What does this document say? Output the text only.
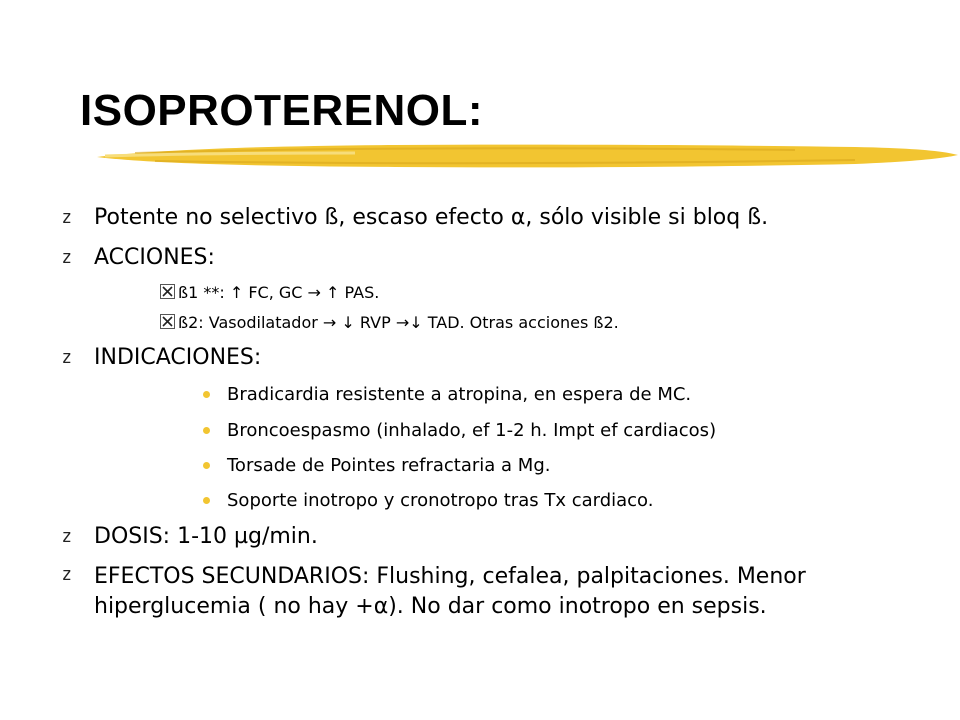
ISOPROTERENOL:
z Potente no selectivo ß, escaso efecto α, sólo visible si bloq ß.
z ACCIONES:
ß1 **: ↑ FC, GC → ↑ PAS.
ß2: Vasodilatador → ↓ RVP →↓ TAD. Otras acciones ß2.
z INDICACIONES:
Bradicardia resistente a atropina, en espera de MC.
Broncoespasmo (inhalado, ef 1-2 h. Impt ef cardiacos)
Torsade de Pointes refractaria a Mg.
Soporte inotropo y cronotropo tras Tx cardiaco.
z DOSIS: 1-10 µg/min.
z EFECTOS SECUNDARIOS: Flushing, cefalea, palpitaciones. Menor hiperglucemia ( no hay +α). No dar como inotropo en sepsis.
